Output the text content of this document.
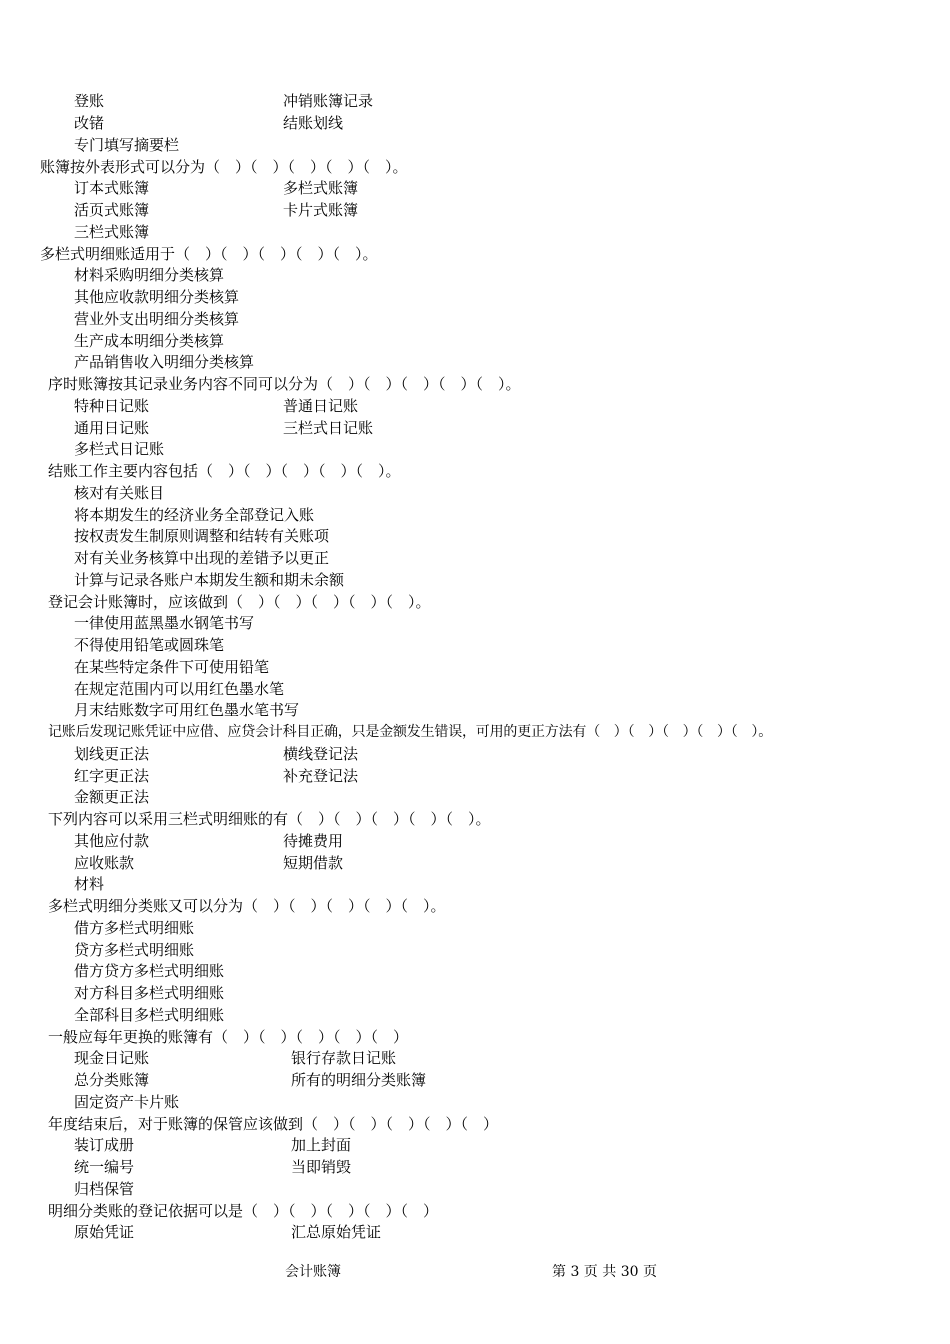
登账	冲销账簿记录
改锗	结账划线
专门填写摘要栏
账簿按外表形式可以分为（　）（　）（　）（　）（　）。
订本式账簿	多栏式账簿
活页式账簿	卡片式账簿
三栏式账簿
多栏式明细账适用于（　）（　）（　）（　）（　）。
材料采购明细分类核算
其他应收款明细分类核算
营业外支出明细分类核算
生产成本明细分类核算
产品销售收入明细分类核算
序时账簿按其记录业务内容不同可以分为（　）（　）（　）（　）（　）。
特种日记账	普通日记账
通用日记账	三栏式日记账
多栏式日记账
结账工作主要内容包括（　）（　）（　）（　）（　）。
核对有关账目
将本期发生的经济业务全部登记入账
按权责发生制原则调整和结转有关账项
对有关业务核算中出现的差错予以更正
计算与记录各账户本期发生额和期未余额
登记会计账簿时，应该做到（　）（　）（　）（　）（　）。
一律使用蓝黑墨水钢笔书写
不得使用铅笔或圆珠笔
在某些特定条件下可使用铅笔
在规定范围内可以用红色墨水笔
月末结账数字可用红色墨水笔书写
记账后发现记账凭证中应借、应贷会计科目正确，只是金额发生错误，可用的更正方法有（　）（　）（　）（　）（　）。
划线更正法	横线登记法
红字更正法	补充登记法
金额更正法
下列内容可以采用三栏式明细账的有（　）（　）（　）（　）（　）。
其他应付款	待摊费用
应收账款	短期借款
材料
多栏式明细分类账又可以分为（　）（　）（　）（　）（　）。
借方多栏式明细账
贷方多栏式明细账
借方贷方多栏式明细账
对方科目多栏式明细账
全部科目多栏式明细账
一般应每年更换的账簿有（　）（　）（　）（　）（　）
现金日记账	银行存款日记账
总分类账簿	所有的明细分类账簿
固定资产卡片账
年度结束后，对于账簿的保管应该做到（　）（　）（　）（　）（　）
装订成册	加上封面
统一编号	当即销毁
归档保管
明细分类账的登记依据可以是（　）（　）（　）（　）（　）
原始凭证	汇总原始凭证
会计账簿	第 3 页 共 30 页
